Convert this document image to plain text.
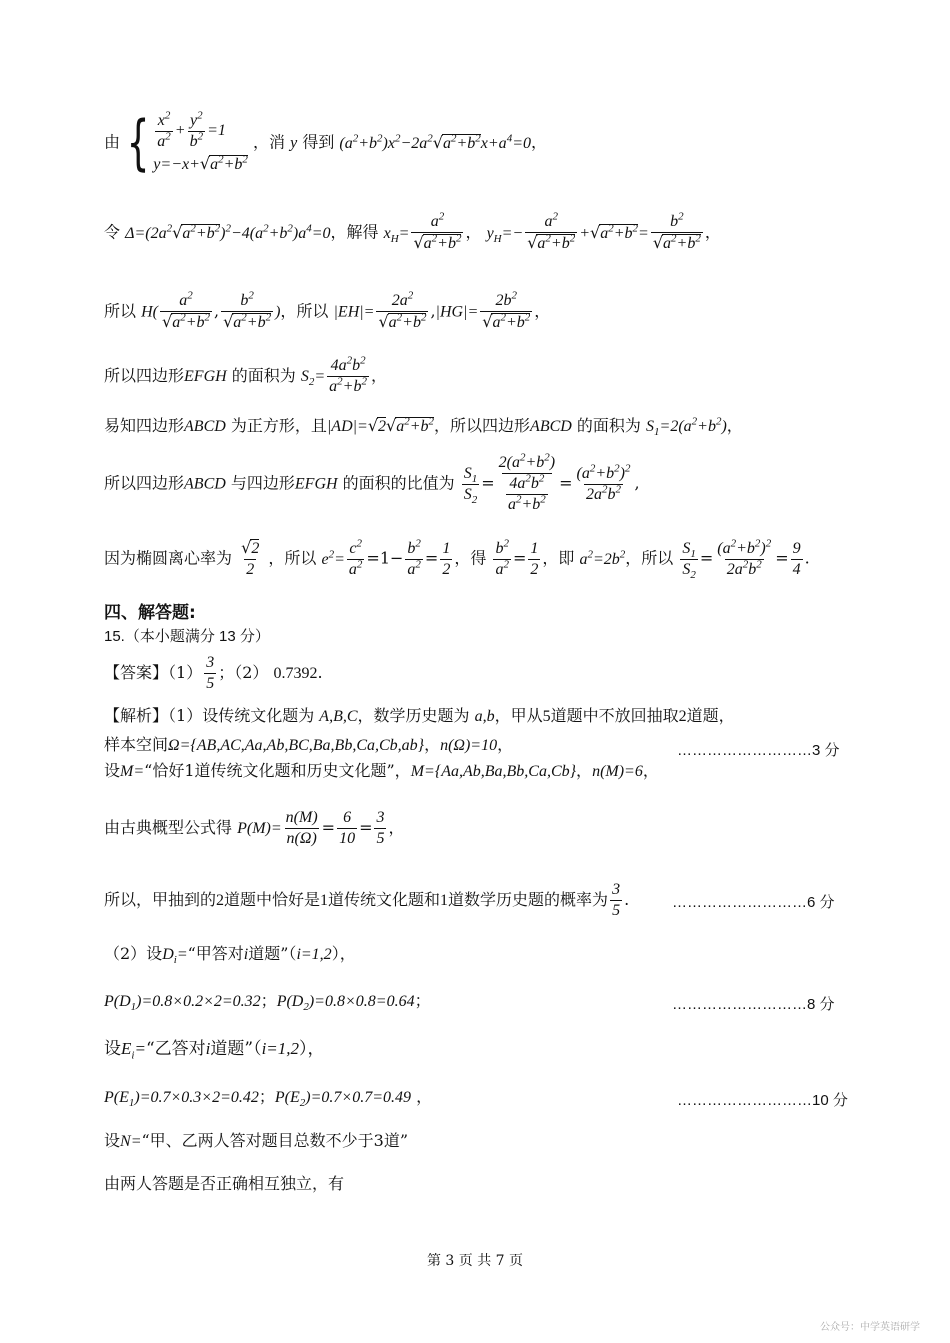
由 { $\frac{x^2}{a^2} + \frac{y^2}{b^2} =1$
$y=-x+√a^2+b^2$
，消 y 得到 $(a^2+b^2)x^2-2a^2√a^2+b^2x+a^4=0$，
令 $\Delta=(2a^2√a^2+b^2)^2-4(a^2+b^2)a^4=0$，解得 $x_H= \frac{a^2}{√a^2+b^2}$ ， $y_H=- \frac{a^2}{√a^2+b^2} +√a^2+b^2= \frac{b^2}{√a^2+b^2}$ ，
所以 $H( \frac{a^2}{√a^2+b^2}$ , $\frac{b^2}{√a^2+b^2}$ )，所以 $|EH|= \frac{2a^2}{√a^2+b^2} ,|HG|= \frac{2b^2}{√a^2+b^2}$ ，
所以四边形EFGH 的面积为 $S_2= \frac{4a^2b^2}{a^2+b^2}$ ，
易知四边形ABCD 为正方形，且$|AD|=√2√a^2+b^2$，所以四边形ABCD 的面积为 $S_1=2(a^2+b^2)$，
所以四边形ABCD 与四边形EFGH 的面积的比值为 $\frac{S_1}{S_2} = \frac{2(a^2+b^2)}{\frac{4a^2b^2}{a^2+b^2}} = \frac{(a^2+b^2)^2}{2a^2b^2}$ ,
因为椭圆离心率为 $\frac{√2}{2}$ ，所以 $e^2= \frac{c^2}{a^2} =1- \frac{b^2}{a^2} = \frac{1}{2}$ ，得 $\frac{b^2}{a^2} = \frac{1}{2}$ ，即 $a^2=2b^2$，所以 $\frac{S_1}{S_2} = \frac{(a^2+b^2)^2}{2a^2b^2} = \frac{9}{4}$ .
四、解答题:
15.（本小题满分 13 分）
【答案】$(1) \frac{3}{5}$ ；（2） 0.7392.
【解析】（1）设传统文化题为 A,B,C，数学历史题为 a,b，甲从5道题中不放回抽取2道题，
样本空间Ω={AB,AC,Aa,Ab,BC,Ba,Bb,Ca,Cb,ab}，n(Ω)=10，	………………………3 分
设M=“恰好1道传统文化题和历史文化题”，M={Aa,Ab,Ba,Bb,Ca,Cb}，n(M)=6，
由古典概型公式得 $P(M)= \frac{n(M)}{n(\Omega)} = \frac{6}{10} = \frac{3}{5}$ ，
所以，甲抽到的2道题中恰好是1道传统文化题和1道数学历史题的概率为 $\frac{3}{5}$ .	………………………6 分
（2）设$D_i=“$甲答对i道题”（i=1,2），
$P(D_1)=0.8\times 0.2\times 2=0.32$；$P(D_2)=0.8\times 0.8=0.64$；	………………………8 分
设$E_i=“$乙答对i道题”（i=1,2），
$P(E_1)=0.7\times 0.3\times 2=0.42$；$P(E_2)=0.7\times 0.7=0.49$ ，	………………………10 分
设N=“甲、乙两人答对题目总数不少于3道”
由两人答题是否正确相互独立，有
第 3 页 共 7 页
公众号：中学英语研学
